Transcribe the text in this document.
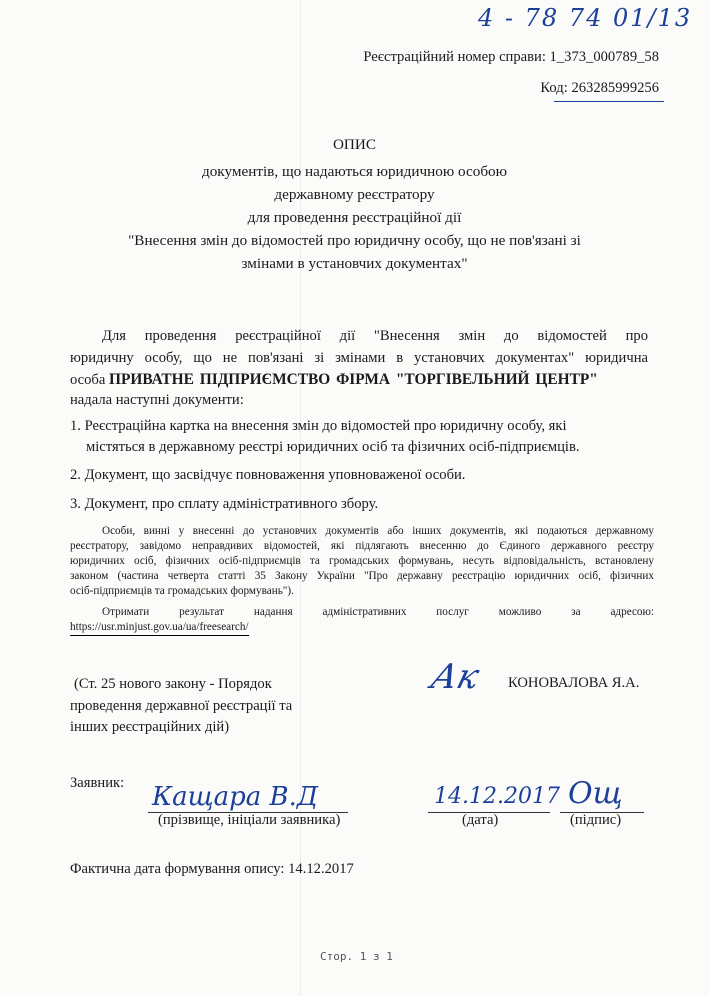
4 - 78 74 01/13
Реєстраційний номер справи: 1_373_000789_58
Код: 263285999256
ОПИС
документів, що надаються юридичною особою
державному реєстратору
для проведення реєстраційної дії
"Внесення змін до відомостей про юридичну особу, що не пов'язані зі
змінами в установчих документах"
Для проведення реєстраційної дії "Внесення змін до відомостей про
юридичну особу, що не пов'язані зі змінами в установчих документах" юридична
особа ПРИВАТНЕ ПІДПРИЄМСТВО ФІРМА "ТОРГІВЕЛЬНИЙ ЦЕНТР"
надала наступні документи:
1. Реєстраційна картка на внесення змін до відомостей про юридичну особу, які
містяться в державному реєстрі юридичних осіб та фізичних осіб-підприємців.
2. Документ, що засвідчує повноваження уповноваженої особи.
3. Документ, про сплату адміністративного збору.
Особи, винні у внесенні до установчих документів або інших документів, які подаються державному
реєстратору, завідомо неправдивих відомостей, які підлягають внесенню до Єдиного державного реєстру
юридичних осіб, фізичних осіб-підприємців та громадських формувань, несуть відповідальність, встановлену
законом (частина четверта статті 35 Закону України "Про державну реєстрацію юридичних осіб, фізичних
осіб-підприємців та громадських формувань").
Отримати результат надання адміністративних послуг можливо за адресою:
https://usr.minjust.gov.ua/ua/freesearch/
(Ст. 25 нового закону - Порядок
проведення державної реєстрації та
інших реєстраційних дій)
Ак КОНОВАЛОВА Я.А.
Заявник: Кащара В.Д	14.12.2017 Ощ
(прізвище, ініціали заявника)	(дата)	(підпис)
Фактична дата формування опису: 14.12.2017
Стор. 1 з 1
